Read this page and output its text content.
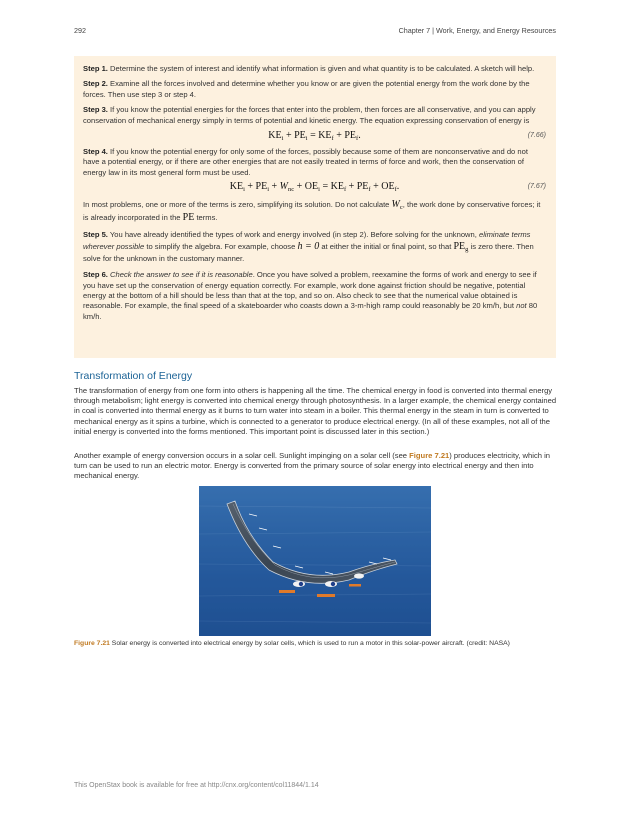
292	Chapter 7 | Work, Energy, and Energy Resources

Step 1. Determine the system of interest and identify what information is given and what quantity is to be calculated. A sketch will help.

Step 2. Examine all the forces involved and determine whether you know or are given the potential energy from the work done by the forces. Then use step 3 or step 4.

Step 3. If you know the potential energies for the forces that enter into the problem, then forces are all conservative, and you can apply conservation of mechanical energy simply in terms of potential and kinetic energy. The equation expressing conservation of energy is

$KE_i + PE_i = KE_f + PE_f$.	(7.66)

Step 4. If you know the potential energy for only some of the forces, possibly because some of them are nonconservative and do not have a potential energy, or if there are other energies that are not easily treated in terms of force and work, then the conservation of energy law in its most general form must be used.

$KE_i + PE_i + W_{nc} + OE_i = KE_f + PE_f + OE_f$.	(7.67)

In most problems, one or more of the terms is zero, simplifying its solution. Do not calculate $W_c$, the work done by conservative forces; it is already incorporated in the PE terms.

Step 5. You have already identified the types of work and energy involved (in step 2). Before solving for the unknown, eliminate terms wherever possible to simplify the algebra. For example, choose h = 0 at either the initial or final point, so that $PE_g$ is zero there. Then solve for the unknown in the customary manner.

Step 6. Check the answer to see if it is reasonable. Once you have solved a problem, reexamine the forms of work and energy to see if you have set up the conservation of energy equation correctly. For example, work done against friction should be negative, potential energy at the bottom of a hill should be less than that at the top, and so on. Also check to see that the numerical value obtained is reasonable. For example, the final speed of a skateboarder who coasts down a 3-m-high ramp could reasonably be 20 km/h, but not 80 km/h.

Transformation of Energy

The transformation of energy from one form into others is happening all the time. The chemical energy in food is converted into thermal energy through metabolism; light energy is converted into chemical energy through photosynthesis. In a larger example, the chemical energy contained in coal is converted into thermal energy as it burns to turn water into steam in a boiler. This thermal energy in the steam in turn is converted to mechanical energy as it spins a turbine, which is connected to a generator to produce electrical energy. (In all of these examples, not all of the initial energy is converted into the forms mentioned. This important point is discussed later in this section.)

Another example of energy conversion occurs in a solar cell. Sunlight impinging on a solar cell (see Figure 7.21) produces electricity, which in turn can be used to run an electric motor. Energy is converted from the primary source of solar energy into electrical energy and then into mechanical energy.

Figure 7.21 Solar energy is converted into electrical energy by solar cells, which is used to run a motor in this solar-power aircraft. (credit: NASA)
This OpenStax book is available for free at http://cnx.org/content/col11844/1.14
